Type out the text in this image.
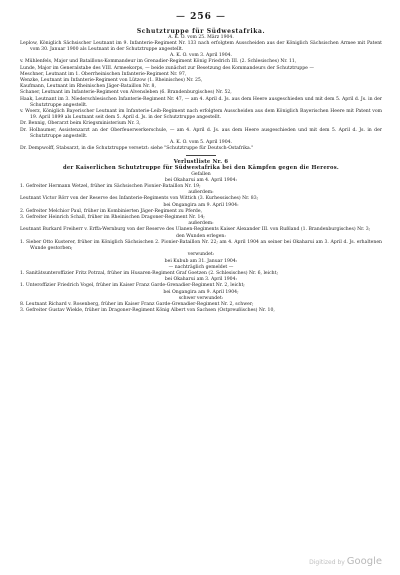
— 256 —
Schutztruppe für Südwestafrika.
A. K. O. vom 25. März 1904.
Leplow, Königlich Sächsischer Leutnant im 9. Infanterie-Regiment Nr. 133 nach erfolgtem Ausscheiden aus der Königlich Sächsischen Armee mit Patent vom 30. Januar 1900 als Leutnant in der Schutztruppe angestellt.
A. K. O. vom 3. April 1904.
v. Mühlenfels, Major und Bataillons-Kommandeur im Grenadier-Regiment König Friedrich III. (2. Schlesisches) Nr. 11,
Lunde, Major im Generalstabe des VIII. Armeekorps, — beide zunächst zur Besetzung des Kommandeurs der Schutztruppe —
Meschner, Leutnant im 1. Oberrheinischen Infanterie-Regiment Nr. 97,
Wenzke, Leutnant im Infanterie-Regiment von Lützow (1. Rheinisches) Nr. 25,
Kaufmann, Leutnant im Rheinischen Jäger-Bataillon Nr. 8,
Schaner, Leutnant im Infanterie-Regiment von Alvensleben (6. Brandenburgisches) Nr. 52,
Haak, Leutnant im 3. Niederschlesischen Infanterie-Regiment Nr. 47, — am 4. April d. Js. aus dem Heere ausgeschieden und mit dem 5. April d. Js. in der Schutztruppe angestellt.
v. Woerz, Königlich Bayerischer Leutnant im Infanterie-Leib-Regiment nach erfolgtem Ausscheiden aus dem Königlich Bayerischen Heere mit Patent vom 19. April 1899 als Leutnant seit dem 5. April d. Js. in der Schutztruppe angestellt.
Dr. Bennig, Oberarzt beim Kriegsministerium Nr. 3,
Dr. Holbaumer, Assistenzarzt an der Oberfeuerwerkerschule, — am 4. April d. Js. aus dem Heere ausgeschieden und mit dem 5. April d. Js. in der Schutztruppe angestellt.
A. K. O. vom 5. April 1904.
Dr. Dempwolff, Stabsarzt, in die Schutztruppe versetzt: siehe "Schutztruppe für Deutsch-Ostafrika."
Verlustliste Nr. 6
der Kaiserlichen Schutztruppe für Südwestafrika bei den Kämpfen gegen die Hereros.
Gefallen
bei Okaharui am 4. April 1904:
1. Gefreiter Hermann Wetzel, früher im Sächsischen Pionier-Bataillon Nr. 19;
außerdem:
Leutnant Victor Rörr von der Reserve des Infanterie-Regiments von Wittich (3. Kurhessisches) Nr. 83;
bei Ongangira am 9. April 1904:
2. Gefreiter Melchior Paul, früher im Kombinierten Jäger-Regiment zu Pferde,
3. Gefreiter Heinrich Schall, früher im Rheinischen Dragoner-Regiment Nr. 14;
außerdem:
Leutnant Burkard Freiherr v. Erffa-Wernburg von der Reserve des Ulanen-Regiments Kaiser Alexander III. von Rußland (1. Brandenburgisches) Nr. 3;
den Wunden erlegen:
1. Sieber Otto Kusterer, früher im Königlich Sächsischen 2. Pionier-Bataillon Nr. 22; am 4. April 1904 an seiner bei Okaharui am 3. April d. Js. erhaltenen Wunde gestorben;
verwundet:
bei Kubub am 31. Januar 1904:
— nachträglich gemeldet —
1. Sanitätsunteroffizier Fritz Potrzal, früher im Husaren-Regiment Graf Goetzen (2. Schlesisches) Nr. 6, leicht;
bei Okaharui am 3. April 1904:
1. Unteroffizier Friedrich Vogel, früher im Kaiser Franz Garde-Grenadier-Regiment Nr. 2, leicht;
bei Ongangira am 9. April 1904;
schwer verwundet:
8. Leutnant Richard v. Rosenberg, früher im Kaiser Franz Garde-Grenadier-Regiment Nr. 2, schwer;
3. Gefreiter Gustav Wiekle, früher im Dragoner-Regiment König Albert von Sachsen (Ostpreußisches) Nr. 10,
Digitized by Google
